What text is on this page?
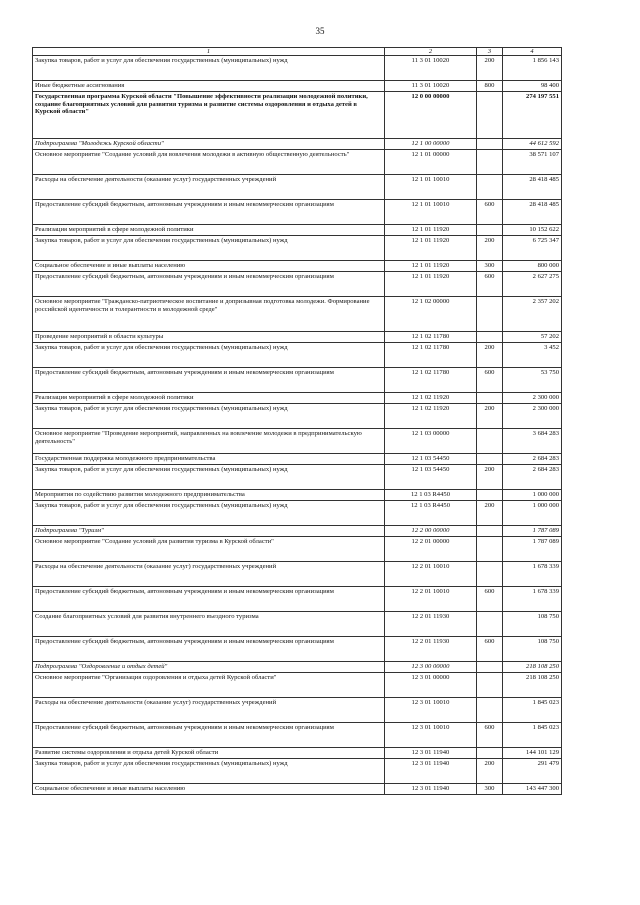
35
1	2	3	4
Закупка товаров, работ и услуг для обеспечения государственных (муниципальных) нужд	11 3 01 10020	200	1 856 143
Иные бюджетные ассигнования	11 3 01 10020	800	98 400
Государственная программа Курской области "Повышение эффективности реализации молодежной политики, создание благоприятных условий для развития туризма и развитие системы оздоровления и отдыха детей в Курской области"	12 0 00 00000		274 197 551
Подпрограмма "Молодежь Курской области"	12 1 00 00000		44 612 592
Основное мероприятие "Создание условий для вовлечения молодежи в активную общественную деятельность"	12 1 01 00000		38 571 107
Расходы на обеспечение деятельности (оказание услуг) государственных учреждений	12 1 01 10010		28 418 485
Предоставление субсидий бюджетным, автономным учреждениям и иным некоммерческим организациям	12 1 01 10010	600	28 418 485
Реализация мероприятий в сфере молодежной политики	12 1 01 11920		10 152 622
Закупка товаров, работ и услуг для обеспечения государственных (муниципальных) нужд	12 1 01 11920	200	6 725 347
Социальное обеспечение и иные выплаты населению	12 1 01 11920	300	800 000
Предоставление субсидий бюджетным, автономным учреждениям и иным некоммерческим организациям	12 1 01 11920	600	2 627 275
Основное мероприятие "Гражданско-патриотическое воспитание и допризывная подготовка молодежи. Формирование российской идентичности и толерантности в молодежной среде"	12 1 02 00000		2 357 202
Проведение мероприятий в области культуры	12 1 02 11780		57 202
Закупка товаров, работ и услуг для обеспечения государственных (муниципальных) нужд	12 1 02 11780	200	3 452
Предоставление субсидий бюджетным, автономным учреждениям и иным некоммерческим организациям	12 1 02 11780	600	53 750
Реализация мероприятий в сфере молодежной политики	12 1 02 11920		2 300 000
Закупка товаров, работ и услуг для обеспечения государственных (муниципальных) нужд	12 1 02 11920	200	2 300 000
Основное мероприятие "Проведение мероприятий, направленных на вовлечение молодежи в предпринимательскую деятельность"	12 1 03 00000		3 684 283
Государственная поддержка молодежного предпринимательства	12 1 03 54450		2 684 283
Закупка товаров, работ и услуг для обеспечения государственных (муниципальных) нужд	12 1 03 54450	200	2 684 283
Мероприятия по содействию развития молодежного предпринимательства	12 1 03 R4450		1 000 000
Закупка товаров, работ и услуг для обеспечения государственных (муниципальных) нужд	12 1 03 R4450	200	1 000 000
Подпрограмма "Туризм"	12 2 00 00000		1 787 089
Основное мероприятие "Создание условий для развития туризма в Курской области"	12 2 01 00000		1 787 089
Расходы на обеспечение деятельности (оказание услуг) государственных учреждений	12 2 01 10010		1 678 339
Предоставление субсидий бюджетным, автономным учреждениям и иным некоммерческим организациям	12 2 01 10010	600	1 678 339
Создание благоприятных условий для развития внутреннего въездного туризма	12 2 01 11930		108 750
Предоставление субсидий бюджетным, автономным учреждениям и иным некоммерческим организациям	12 2 01 11930	600	108 750
Подпрограмма "Оздоровление и отдых детей"	12 3 00 00000		218 108 250
Основное мероприятие "Организация оздоровления и отдыха детей Курской области"	12 3 01 00000		218 108 250
Расходы на обеспечение деятельности (оказание услуг) государственных учреждений	12 3 01 10010		1 845 023
Предоставление субсидий бюджетным, автономным учреждениям и иным некоммерческим организациям	12 3 01 10010	600	1 845 023
Развитие системы оздоровления и отдыха детей Курской области	12 3 01 11940		144 101 129
Закупка товаров, работ и услуг для обеспечения государственных (муниципальных) нужд	12 3 01 11940	200	291 479
Социальное обеспечение и иные выплаты населению	12 3 01 11940	300	143 447 300
